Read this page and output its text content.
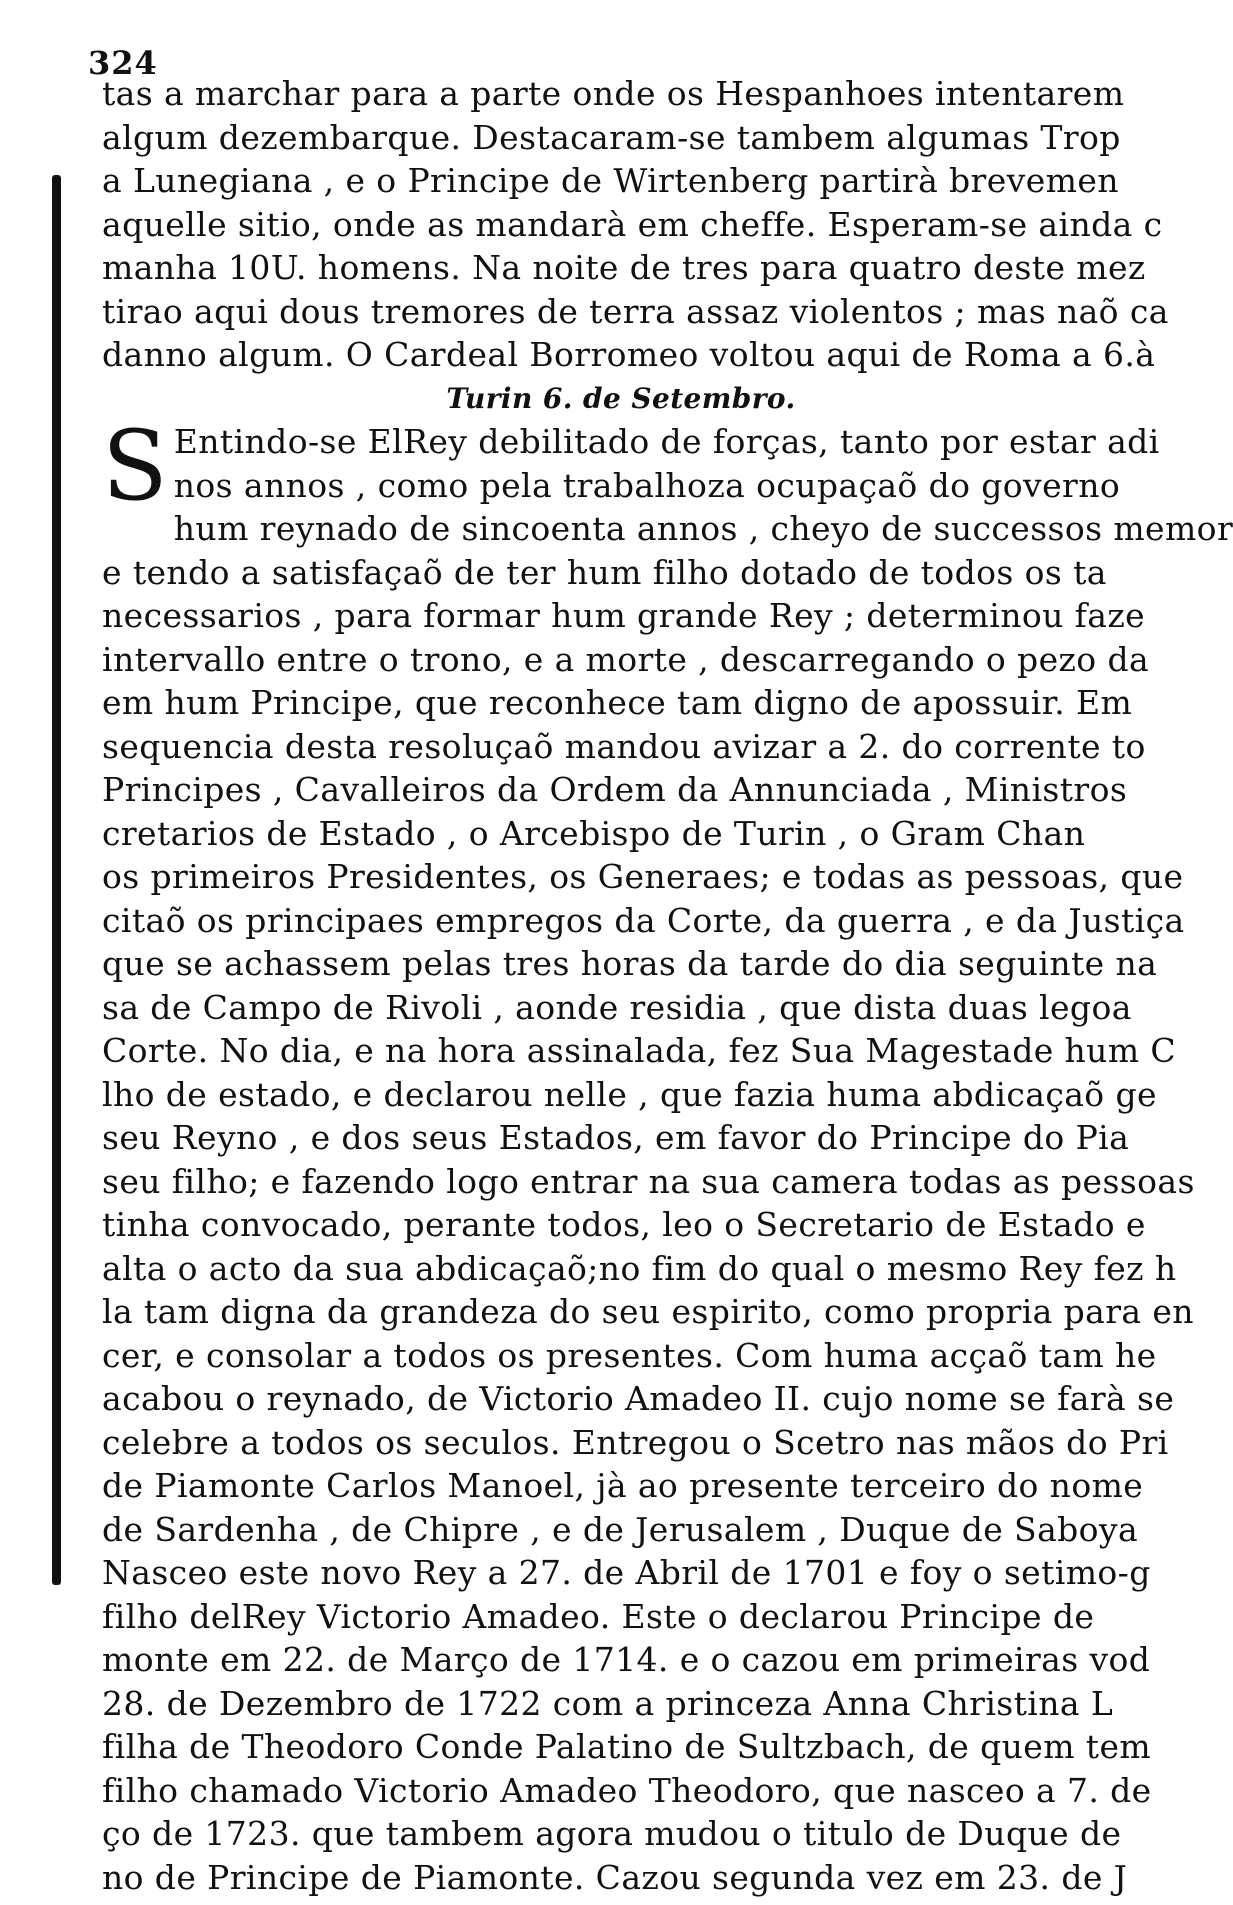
324
tas a marchar para a parte onde os Hespanhoes intentarem
algum dezembarque. Destacaram-se tambem algumas Trop
a Lunegiana , e o Principe de Wirtenberg partirà brevemen
aquelle sitio, onde as mandarà em cheffe. Esperam-se ainda c
manha 10U. homens. Na noite de tres para quatro deste mez
tirao aqui dous tremores de terra assaz violentos ; mas naõ ca
danno algum. O Cardeal Borromeo voltou aqui de Roma a 6.à
Turin 6. de Setembro.
S Entindo-se ElRey debilitado de forças, tanto por estar adi
nos annos , como pela trabalhoza ocupaçaõ do governo
hum reynado de sincoenta annos , cheyo de successos memor
e tendo a satisfaçaõ de ter hum filho dotado de todos os ta
necessarios , para formar hum grande Rey ; determinou faze
intervallo entre o trono, e a morte , descarregando o pezo da
em hum Principe, que reconhece tam digno de apossuir. Em
sequencia desta resoluçaõ mandou avizar a 2. do corrente to
Principes , Cavalleiros da Ordem da Annunciada , Ministros
cretarios de Estado , o Arcebispo de Turin , o Gram Chan
os primeiros Presidentes, os Generaes; e todas as pessoas, que
citaõ os principaes empregos da Corte, da guerra , e da Justiça
que se achassem pelas tres horas da tarde do dia seguinte na
sa de Campo de Rivoli , aonde residia , que dista duas legoa
Corte. No dia, e na hora assinalada, fez Sua Magestade hum C
lho de estado, e declarou nelle , que fazia huma abdicaçaõ ge
seu Reyno , e dos seus Estados, em favor do Principe do Pia
seu filho; e fazendo logo entrar na sua camera todas as pessoas
tinha convocado, perante todos, leo o Secretario de Estado e
alta o acto da sua abdicaçaõ;no fim do qual o mesmo Rey fez h
la tam digna da grandeza do seu espirito, como propria para en
cer, e consolar a todos os presentes. Com huma acçaõ tam he
acabou o reynado, de Victorio Amadeo II. cujo nome se farà se
celebre a todos os seculos. Entregou o Scetro nas mãos do Pri
de Piamonte Carlos Manoel, jà ao presente terceiro do nome
de Sardenha , de Chipre , e de Jerusalem , Duque de Saboya
Nasceo este novo Rey a 27. de Abril de 1701 e foy o setimo-g
filho delRey Victorio Amadeo. Este o declarou Principe de
monte em 22. de Março de 1714. e o cazou em primeiras vod
28. de Dezembro de 1722 com a princeza Anna Christina L
filha de Theodoro Conde Palatino de Sultzbach, de quem tem
filho chamado Victorio Amadeo Theodoro, que nasceo a 7. de
ço de 1723. que tambem agora mudou o titulo de Duque de
no de Principe de Piamonte. Cazou segunda vez em 23. de J
